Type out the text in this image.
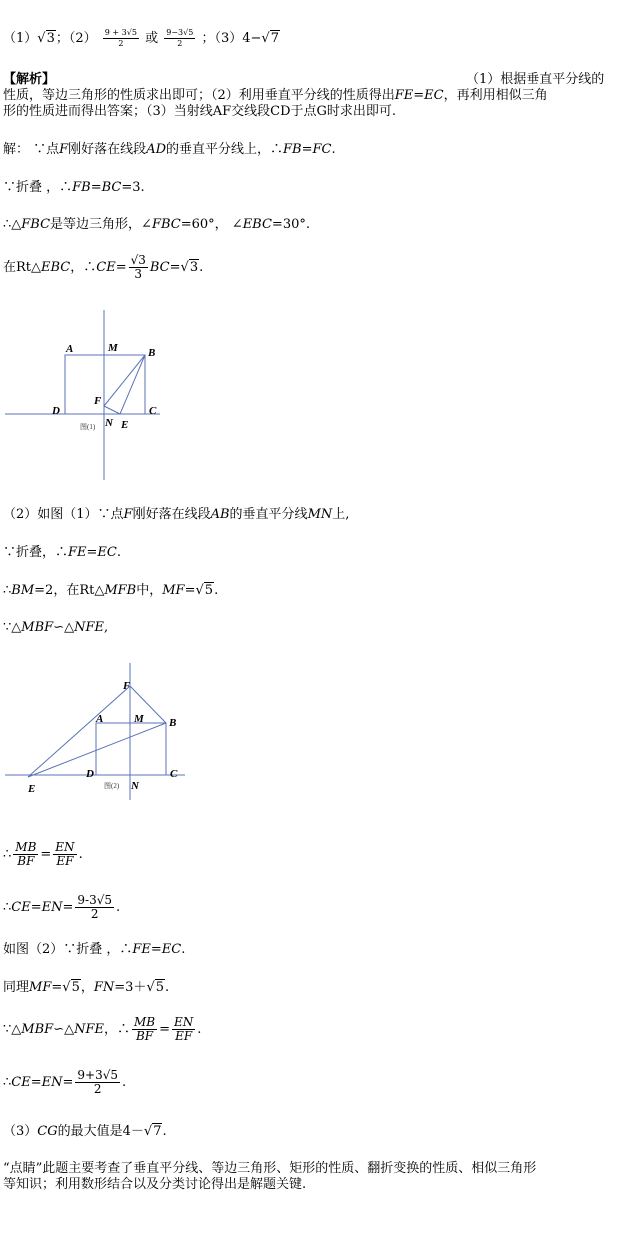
（1）√3；$(2) \frac{9 + 3√5}{2}$ 或 $\frac{9-3√5}{2}$ ；（3）4−√7
【解析】	（1）根据垂直平分线的
性质，等边三角形的性质求出即可；（2）利用垂直平分线的性质得出FE=EC，再利用相似三角
形的性质进而得出答案；（3）当射线AF交线段CD于点G时求出即可.
解： ∵点F刚好落在线段AD的垂直平分线上，∴FB=FC.
∵折叠 ，∴FB=BC=3.
∴△FBC是等边三角形，∠FBC=60°， ∠EBC=30°.
在Rt△EBC，∴CE= $\frac{√3}{3} BC=√3$.
A	M	B
F
D	C
N E
图(1)
（2）如图（1）∵点F刚好落在线段AB的垂直平分线MN上,
∵折叠，∴FE=EC.
∴BM=2，在Rt△MFB中，MF=√5.
∵△MBF∽△NFE,
F
A	M B
D	C
E	N
图(2)
∴ $\frac{MB}{BF} = \frac{EN}{EF}$ .
∴CE=EN= $\frac{9-3√5}{2}$ .
如图（2）∵折叠 ，∴FE=EC.
同理MF=√5，FN=3＋√5.
∵△MBF∽△NFE，∴ $\frac{MB}{BF} = \frac{EN}{EF}$ .
∴CE=EN= $\frac{9+3√5}{2}$ .
（3）CG的最大值是4－√7.
“点睛”此题主要考查了垂直平分线、等边三角形、矩形的性质、翻折变换的性质、相似三角形
等知识；利用数形结合以及分类讨论得出是解题关键.
